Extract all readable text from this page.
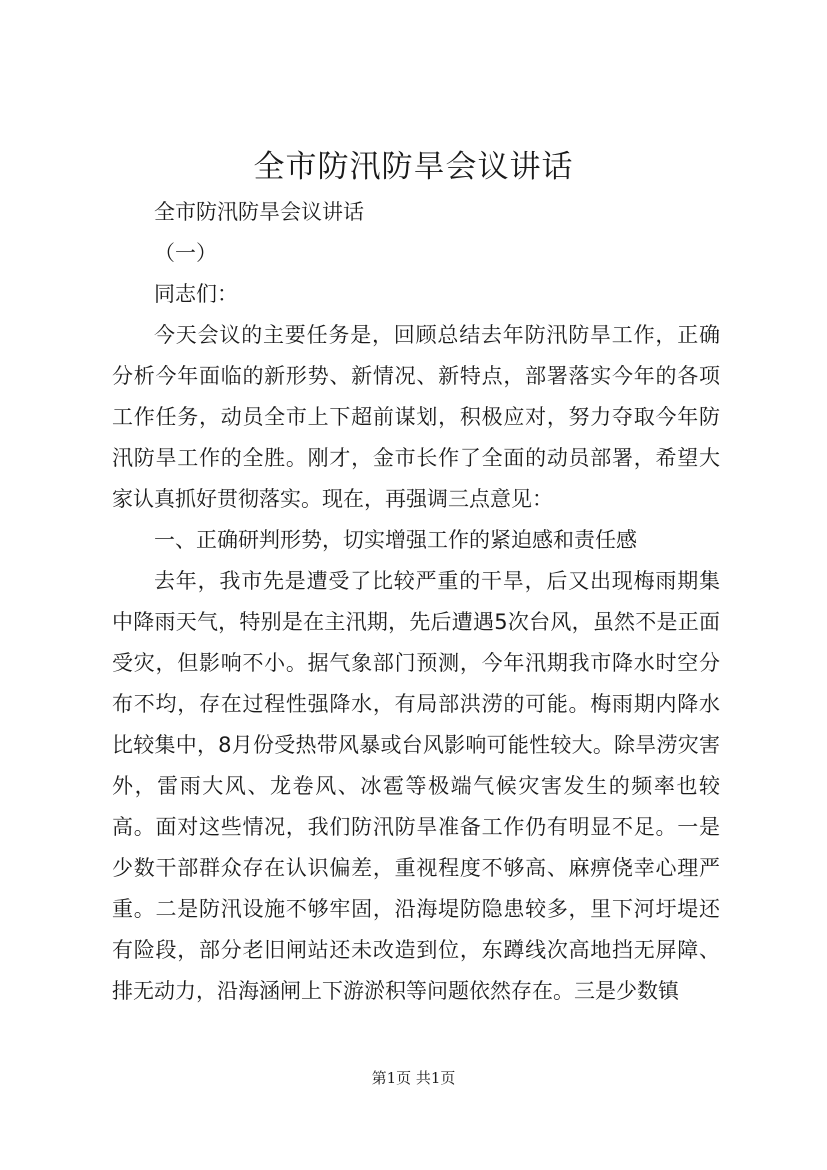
全市防汛防旱会议讲话

全市防汛防旱会议讲话

（一）

同志们：

今天会议的主要任务是，回顾总结去年防汛防旱工作，正确分析今年面临的新形势、新情况、新特点，部署落实今年的各项工作任务，动员全市上下超前谋划，积极应对，努力夺取今年防汛防旱工作的全胜。刚才，金市长作了全面的动员部署，希望大家认真抓好贯彻落实。现在，再强调三点意见：

一、正确研判形势，切实增强工作的紧迫感和责任感

去年，我市先是遭受了比较严重的干旱，后又出现梅雨期集中降雨天气，特别是在主汛期，先后遭遇5次台风，虽然不是正面受灾，但影响不小。据气象部门预测，今年汛期我市降水时空分布不均，存在过程性强降水，有局部洪涝的可能。梅雨期内降水比较集中，8月份受热带风暴或台风影响可能性较大。除旱涝灾害外，雷雨大风、龙卷风、冰雹等极端气候灾害发生的频率也较高。面对这些情况，我们防汛防旱准备工作仍有明显不足。一是少数干部群众存在认识偏差，重视程度不够高、麻痹侥幸心理严重。二是防汛设施不够牢固，沿海堤防隐患较多，里下河圩堤还有险段，部分老旧闸站还未改造到位，东蹲线次高地挡无屏障、排无动力，沿海涵闸上下游淤积等问题依然存在。三是少数镇

第1页 共1页
